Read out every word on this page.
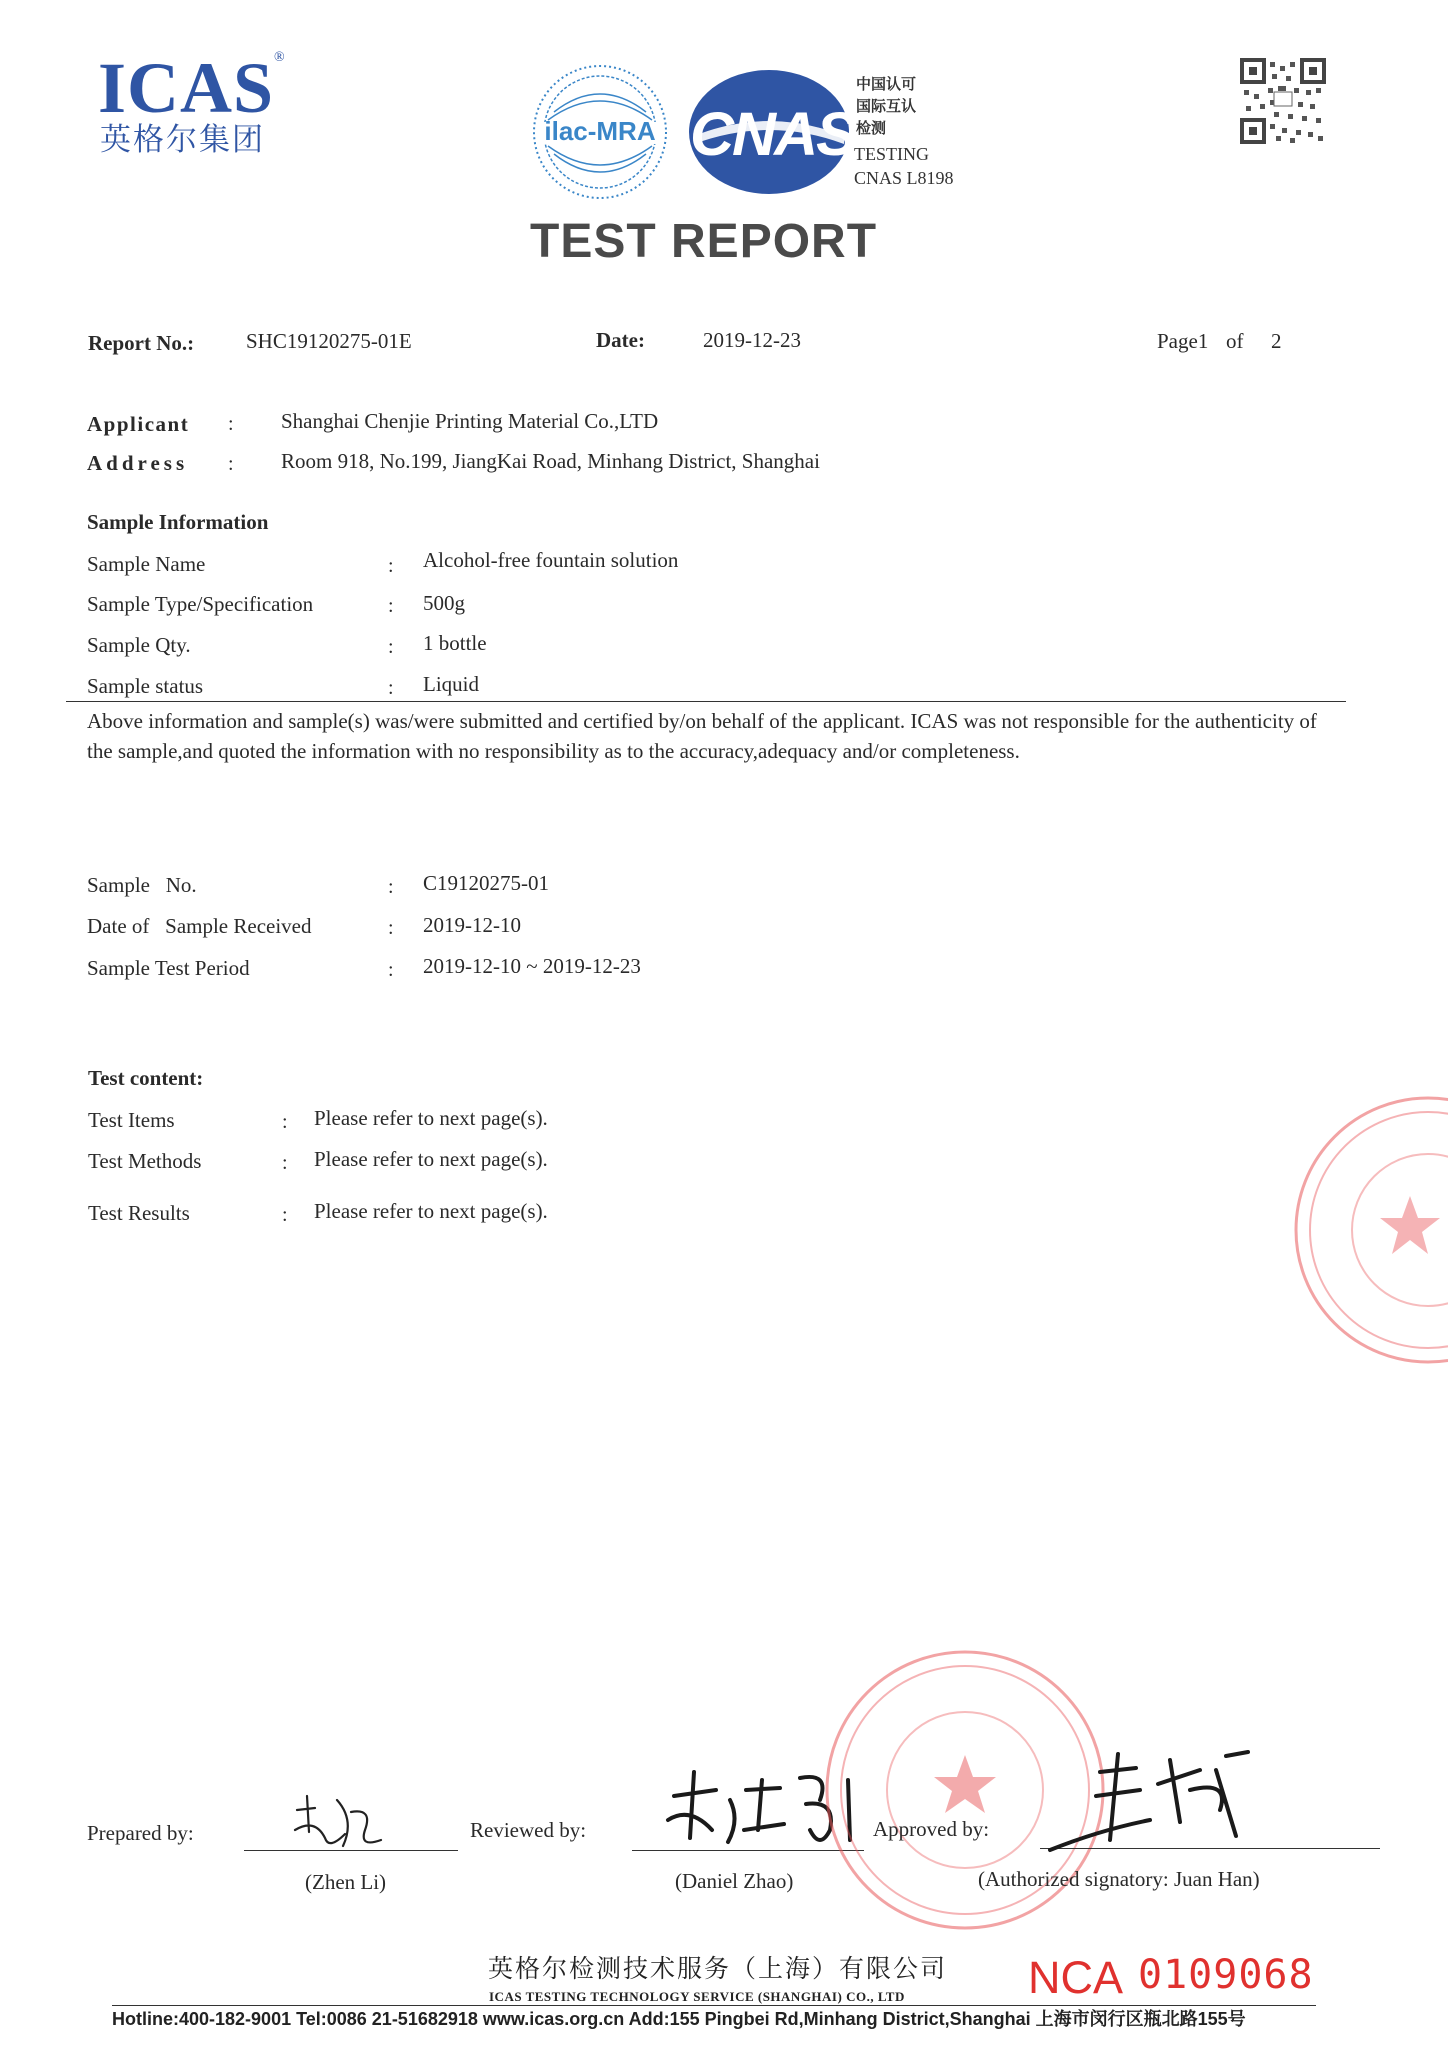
ICAS ®
英格尔集团	ilac-MRA CNAS
中国认可
国际互认
检测
TESTING
CNAS L8198
TEST REPORT
Report No.: SHC19120275-01E	Date:	2019-12-23	Page1 of 2
Applicant : Shanghai Chenjie Printing Material Co.,LTD
Address : Room 918, No.199, JiangKai Road, Minhang District, Shanghai
Sample Information
Sample Name	: Alcohol-free fountain solution
Sample Type/Specification	: 500g
Sample Qty.	: 1 bottle
Sample status	: Liquid
Above information and sample(s) was/were submitted and certified by/on behalf of the applicant. ICAS was not responsible for the authenticity of the sample,and quoted the information with no responsibility as to the accuracy,adequacy and/or completeness.
Sample   No.	: C19120275-01
Date of   Sample Received	: 2019-12-10
Sample Test Period	: 2019-12-10 ~ 2019-12-23
Test content:
Test Items	: Please refer to next page(s).
Test Methods	: Please refer to next page(s).
Test Results	: Please refer to next page(s).
Prepared by:
(Zhen Li)
Reviewed by:
(Daniel Zhao)
Approved by:
(Authorized signatory: Juan Han)
英格尔检测技术服务（上海）有限公司
ICAS TESTING TECHNOLOGY SERVICE (SHANGHAI) CO., LTD	NCA 0109068
Hotline:400-182-9001 Tel:0086 21-51682918 www.icas.org.cn Add:155 Pingbei Rd,Minhang District,Shanghai 上海市闵行区瓶北路155号
